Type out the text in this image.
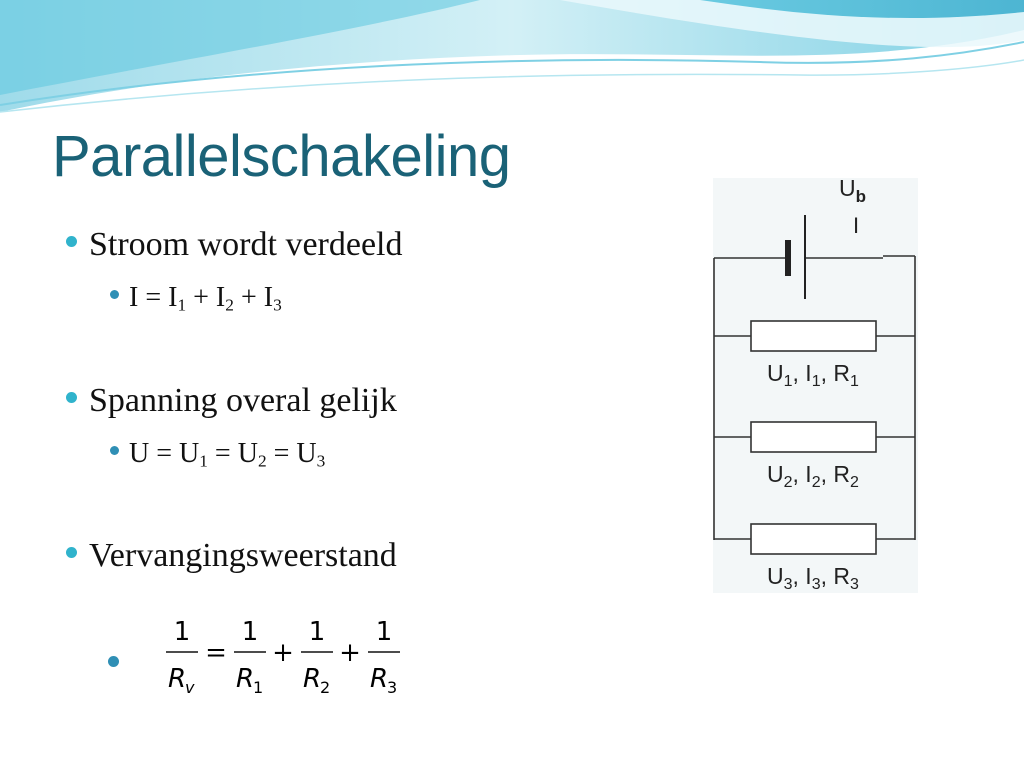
Parallelschakeling
Stroom wordt verdeeld
$I = I_1 + I_2 + I_3$
Spanning overal gelijk
$U = U_1 = U_2 = U_3$
Vervangingsweerstand
1
R
v
=
1
R
1
+
1
R
2
+
1
R
3
$U_b$
I
$U_1$, $I_1$, $R_1$
$U_2$, $I_2$, $R_2$
$U_3$, $I_3$, $R_3$
